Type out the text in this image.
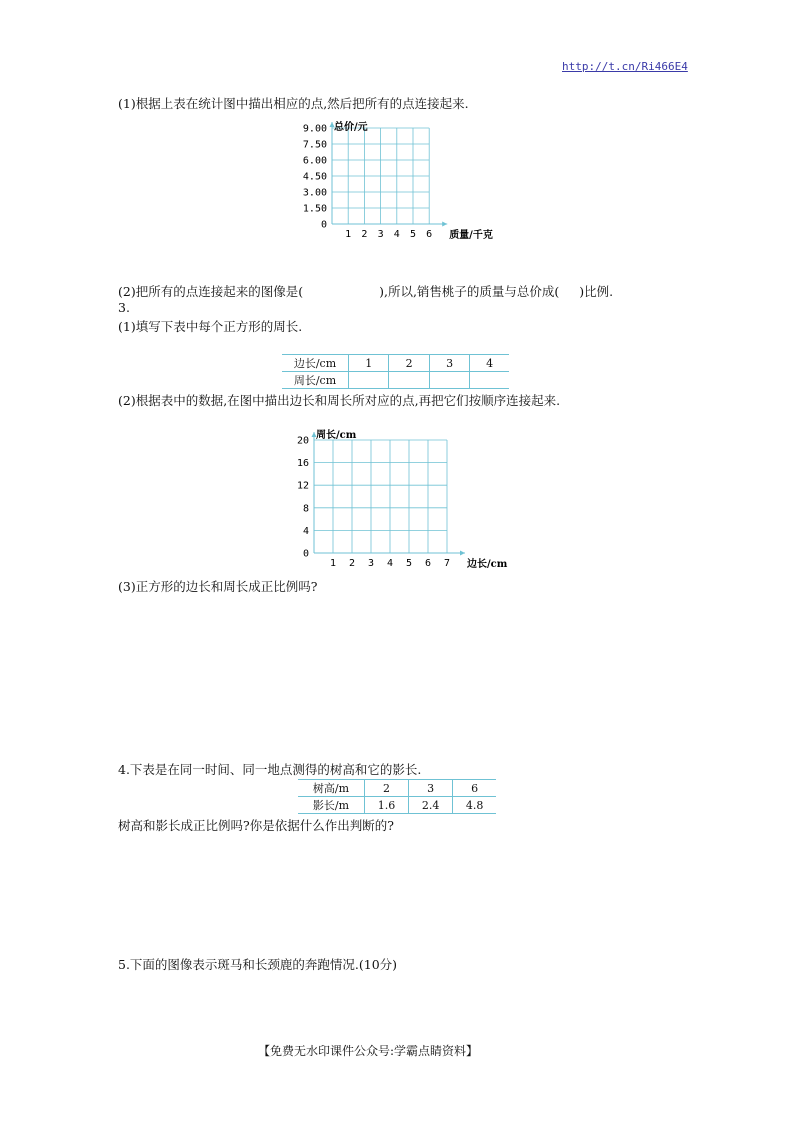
http://t.cn/Ri466E4
(1)根据上表在统计图中描出相应的点,然后把所有的点连接起来.
1 2 3 4 5 6
0
1.50
3.00
4.50
6.00
7.50
9.00
质量/千克
总价/元
(2)把所有的点连接起来的图像是(	),所以,销售桃子的质量与总价成( )比例.
3.
(1)填写下表中每个正方形的周长.
边长/cm	1	2	3	4
周长/cm				
(2)根据表中的数据,在图中描出边长和周长所对应的点,再把它们按顺序连接起来.
1 2 3 4 5 6 7
0
4
8
12
16
20
边长/cm
周长/cm
(3)正方形的边长和周长成正比例吗?
4.下表是在同一时间、同一地点测得的树高和它的影长.
树高/m	2	3	6
影长/m	1.6	2.4	4.8
树高和影长成正比例吗?你是依据什么作出判断的?
5.下面的图像表示斑马和长颈鹿的奔跑情况.(10分)
【免费无水印课件公众号:学霸点睛资料】
